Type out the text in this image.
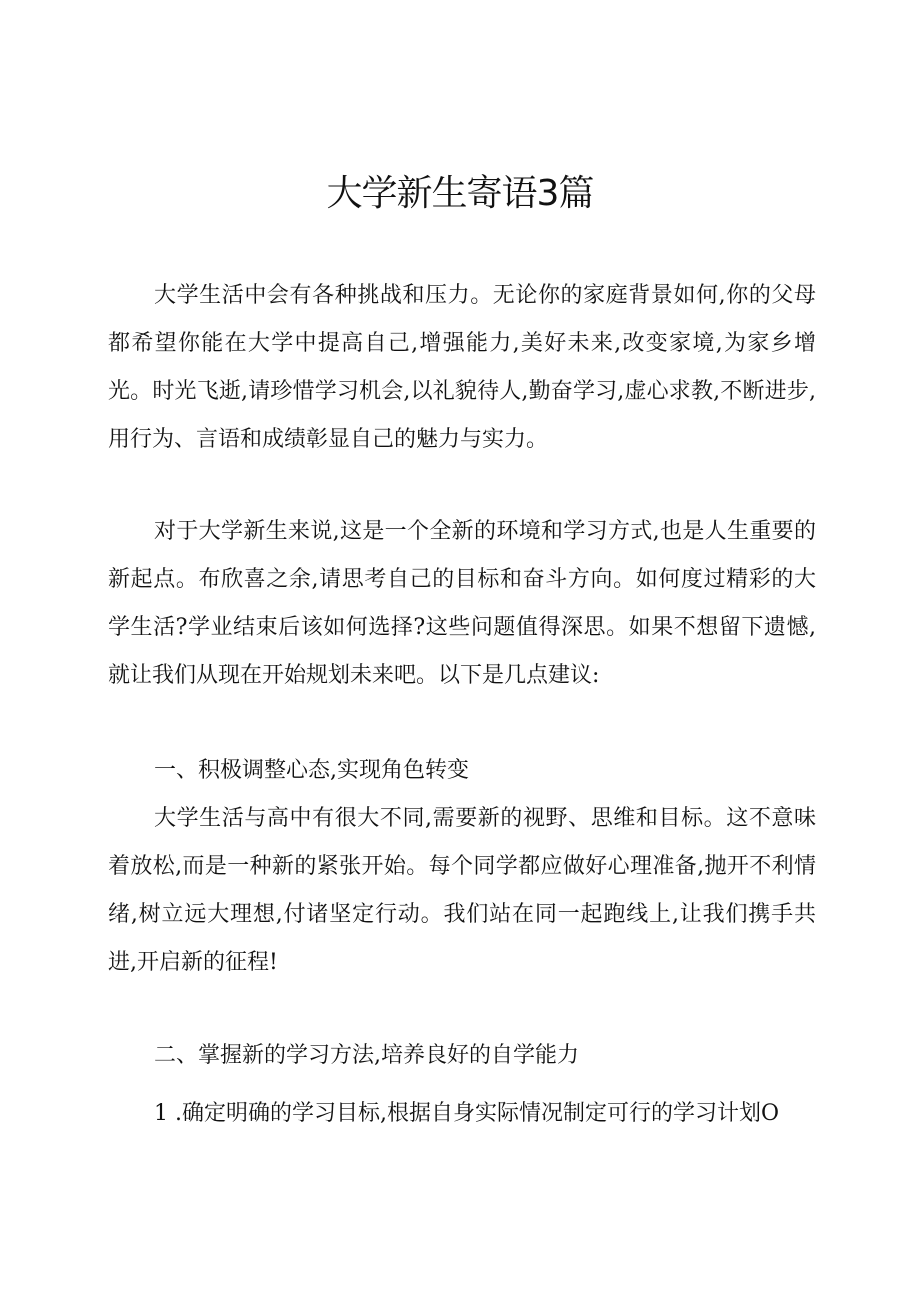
大学新生寄语3篇

大学生活中会有各种挑战和压力。无论你的家庭背景如何,你的父母都希望你能在大学中提高自己,增强能力,美好未来,改变家境,为家乡增光。时光飞逝,请珍惜学习机会,以礼貌待人,勤奋学习,虚心求教,不断进步,用行为、言语和成绩彰显自己的魅力与实力。

对于大学新生来说,这是一个全新的环境和学习方式,也是人生重要的新起点。布欣喜之余,请思考自己的目标和奋斗方向。如何度过精彩的大学生活?学业结束后该如何选择?这些问题值得深思。如果不想留下遗憾,就让我们从现在开始规划未来吧。以下是几点建议:

一、积极调整心态,实现角色转变

大学生活与高中有很大不同,需要新的视野、思维和目标。这不意味着放松,而是一种新的紧张开始。每个同学都应做好心理准备,抛开不利情绪,树立远大理想,付诸坚定行动。我们站在同一起跑线上,让我们携手共进,开启新的征程!

二、掌握新的学习方法,培养良好的自学能力

1 .确定明确的学习目标,根据自身实际情况制定可行的学习计划O
